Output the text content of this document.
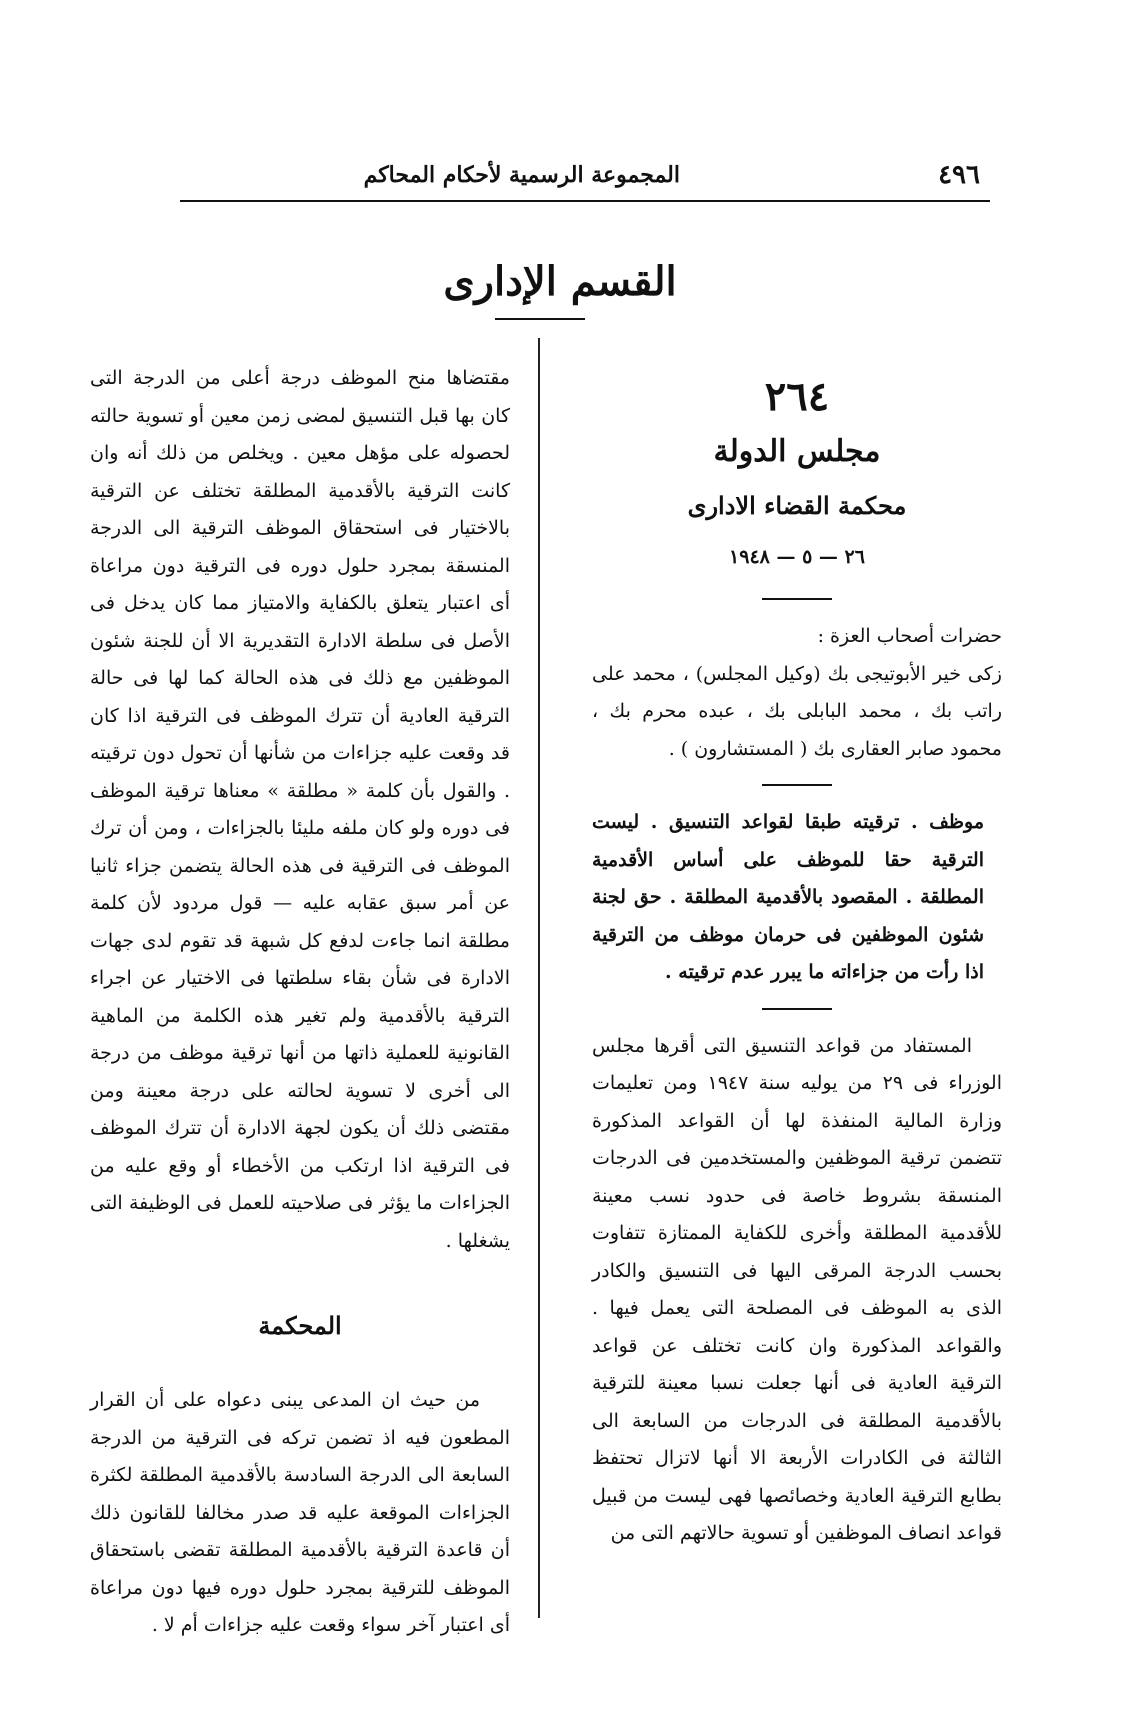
٤٩٦
المجموعة الرسمية لأحكام المحاكم
القسم الإدارى
٢٦٤
مجلس الدولة
محكمة القضاء الادارى
٢٦ — ٥ — ١٩٤٨

حضرات أصحاب العزة :

زكى خير الأبوتيجى بك (وكيل المجلس) ، محمد على راتب بك ، محمد البابلى بك ، عبده محرم بك ، محمود صابر العقارى بك ( المستشارون ) .

موظف . ترقيته طبقا لقواعد التنسيق . ليست الترقية حقا للموظف على أساس الأقدمية المطلقة . المقصود بالأقدمية المطلقة . حق لجنة شئون الموظفين فى حرمان موظف من الترقية اذا رأت من جزاءاته ما يبرر عدم ترقيته .

المستفاد من قواعد التنسيق التى أقرها مجلس الوزراء فى ٢٩ من يوليه سنة ١٩٤٧ ومن تعليمات وزارة المالية المنفذة لها أن القواعد المذكورة تتضمن ترقية الموظفين والمستخدمين فى الدرجات المنسقة بشروط خاصة فى حدود نسب معينة للأقدمية المطلقة وأخرى للكفاية الممتازة تتفاوت بحسب الدرجة المرقى اليها فى التنسيق والكادر الذى به الموظف فى المصلحة التى يعمل فيها . والقواعد المذكورة وان كانت تختلف عن قواعد الترقية العادية فى أنها جعلت نسبا معينة للترقية بالأقدمية المطلقة فى الدرجات من السابعة الى الثالثة فى الكادرات الأربعة الا أنها لاتزال تحتفظ بطابع الترقية العادية وخصائصها فهى ليست من قبيل قواعد انصاف الموظفين أو تسوية حالاتهم التى من

مقتضاها منح الموظف درجة أعلى من الدرجة التى كان بها قبل التنسيق لمضى زمن معين أو تسوية حالته لحصوله على مؤهل معين . ويخلص من ذلك أنه وان كانت الترقية بالأقدمية المطلقة تختلف عن الترقية بالاختيار فى استحقاق الموظف الترقية الى الدرجة المنسقة بمجرد حلول دوره فى الترقية دون مراعاة أى اعتبار يتعلق بالكفاية والامتياز مما كان يدخل فى الأصل فى سلطة الادارة التقديرية الا أن للجنة شئون الموظفين مع ذلك فى هذه الحالة كما لها فى حالة الترقية العادية أن تترك الموظف فى الترقية اذا كان قد وقعت عليه جزاءات من شأنها أن تحول دون ترقيته . والقول بأن كلمة « مطلقة » معناها ترقية الموظف فى دوره ولو كان ملفه مليئا بالجزاءات ، ومن أن ترك الموظف فى الترقية فى هذه الحالة يتضمن جزاء ثانيا عن أمر سبق عقابه عليه — قول مردود لأن كلمة مطلقة انما جاءت لدفع كل شبهة قد تقوم لدى جهات الادارة فى شأن بقاء سلطتها فى الاختيار عن اجراء الترقية بالأقدمية ولم تغير هذه الكلمة من الماهية القانونية للعملية ذاتها من أنها ترقية موظف من درجة الى أخرى لا تسوية لحالته على درجة معينة ومن مقتضى ذلك أن يكون لجهة الادارة أن تترك الموظف فى الترقية اذا ارتكب من الأخطاء أو وقع عليه من الجزاءات ما يؤثر فى صلاحيته للعمل فى الوظيفة التى يشغلها .

المحكمة

من حيث ان المدعى يبنى دعواه على أن القرار المطعون فيه اذ تضمن تركه فى الترقية من الدرجة السابعة الى الدرجة السادسة بالأقدمية المطلقة لكثرة الجزاءات الموقعة عليه قد صدر مخالفا للقانون ذلك أن قاعدة الترقية بالأقدمية المطلقة تقضى باستحقاق الموظف للترقية بمجرد حلول دوره فيها دون مراعاة أى اعتبار آخر سواء وقعت عليه جزاءات أم لا .
